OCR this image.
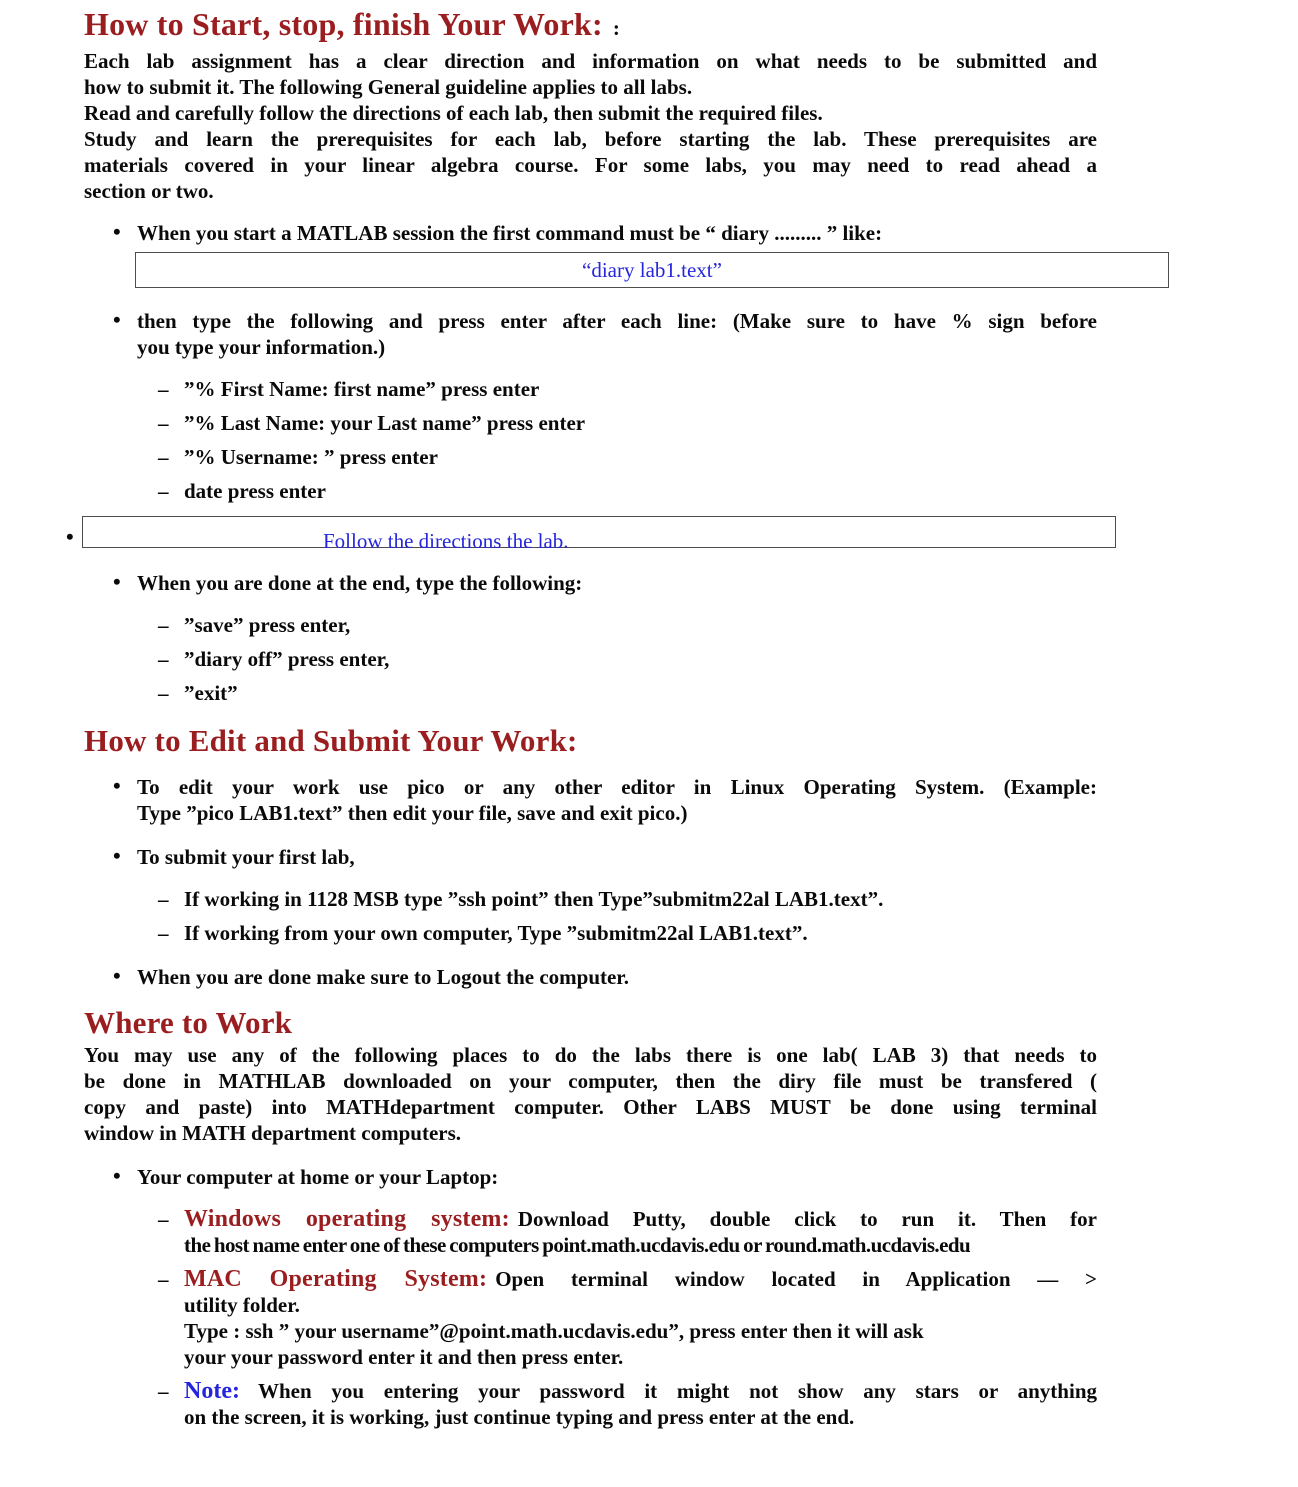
How to Start, stop, finish Your Work: :
Each lab assignment has a clear direction and information on what needs to be submitted and
how to submit it. The following General guideline applies to all labs.
Read and carefully follow the directions of each lab, then submit the required files.
Study and learn the prerequisites for each lab, before starting the lab. These prerequisites are
materials covered in your linear algebra course. For some labs, you may need to read ahead a
section or two.
• When you start a MATLAB session the first command must be “ diary ......... ” like:
“diary lab1.text”
• then type the following and press enter after each line: (Make sure to have % sign before
you type your information.)
– ”% First Name: first name” press enter
– ”% Last Name: your Last name” press enter
– ”% Username: ” press enter
– date press enter
• Follow the directions the lab.
• When you are done at the end, type the following:
– ”save” press enter,
– ”diary off” press enter,
– ”exit”
How to Edit and Submit Your Work:
• To edit your work use pico or any other editor in Linux Operating System. (Example:
Type ”pico LAB1.text” then edit your file, save and exit pico.)
• To submit your first lab,
– If working in 1128 MSB type ”ssh point” then Type”submitm22al LAB1.text”.
– If working from your own computer, Type ”submitm22al LAB1.text”.
• When you are done make sure to Logout the computer.
Where to Work
You may use any of the following places to do the labs there is one lab( LAB 3) that needs to
be done in MATHLAB downloaded on your computer, then the diry file must be transfered (
copy and paste) into MATHdepartment computer. Other LABS MUST be done using terminal
window in MATH department computers.
• Your computer at home or your Laptop:
– Windows operating system: Download Putty, double click to run it. Then for
the host name enter one of these computers point.math.ucdavis.edu or round.math.ucdavis.edu
– MAC Operating System: Open terminal window located in Application –– >
utility folder.
Type : ssh ” your username”@point.math.ucdavis.edu”, press enter then it will ask
your your password enter it and then press enter.
– Note: When you entering your password it might not show any stars or anything
on the screen, it is working, just continue typing and press enter at the end.
